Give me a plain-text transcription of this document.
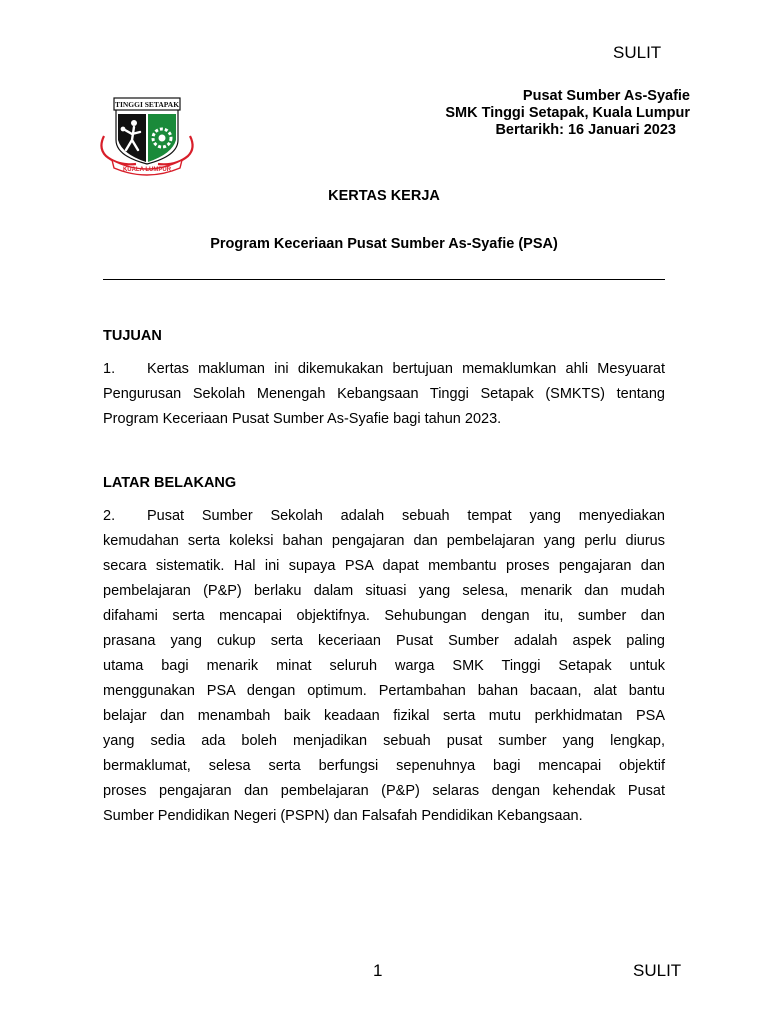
SULIT
TINGGI SETAPAK
KUALA LUMPUR
Pusat Sumber As-Syafie
SMK Tinggi Setapak, Kuala Lumpur
Bertarikh: 16 Januari 2023
KERTAS KERJA
Program Keceriaan Pusat Sumber As-Syafie (PSA)
TUJUAN
1.	Kertas makluman ini dikemukakan bertujuan memaklumkan ahli Mesyuarat
Pengurusan Sekolah Menengah Kebangsaan Tinggi Setapak (SMKTS) tentang
Program Keceriaan Pusat Sumber As-Syafie bagi tahun 2023.
LATAR BELAKANG
2.	Pusat Sumber Sekolah adalah sebuah tempat yang menyediakan
kemudahan serta koleksi bahan pengajaran dan pembelajaran yang perlu diurus
secara sistematik. Hal ini supaya PSA dapat membantu proses pengajaran dan
pembelajaran (P&P) berlaku dalam situasi yang selesa, menarik dan mudah
difahami serta mencapai objektifnya. Sehubungan dengan itu, sumber dan
prasana yang cukup serta keceriaan Pusat Sumber adalah aspek paling
utama bagi menarik minat seluruh warga SMK Tinggi Setapak untuk
menggunakan PSA dengan optimum. Pertambahan bahan bacaan, alat bantu
belajar dan menambah baik keadaan fizikal serta mutu perkhidmatan PSA
yang sedia ada boleh menjadikan sebuah pusat sumber yang lengkap,
bermaklumat, selesa serta berfungsi sepenuhnya bagi mencapai objektif
proses pengajaran dan pembelajaran (P&P) selaras dengan kehendak Pusat
Sumber Pendidikan Negeri (PSPN) dan Falsafah Pendidikan Kebangsaan.
1	SULIT
